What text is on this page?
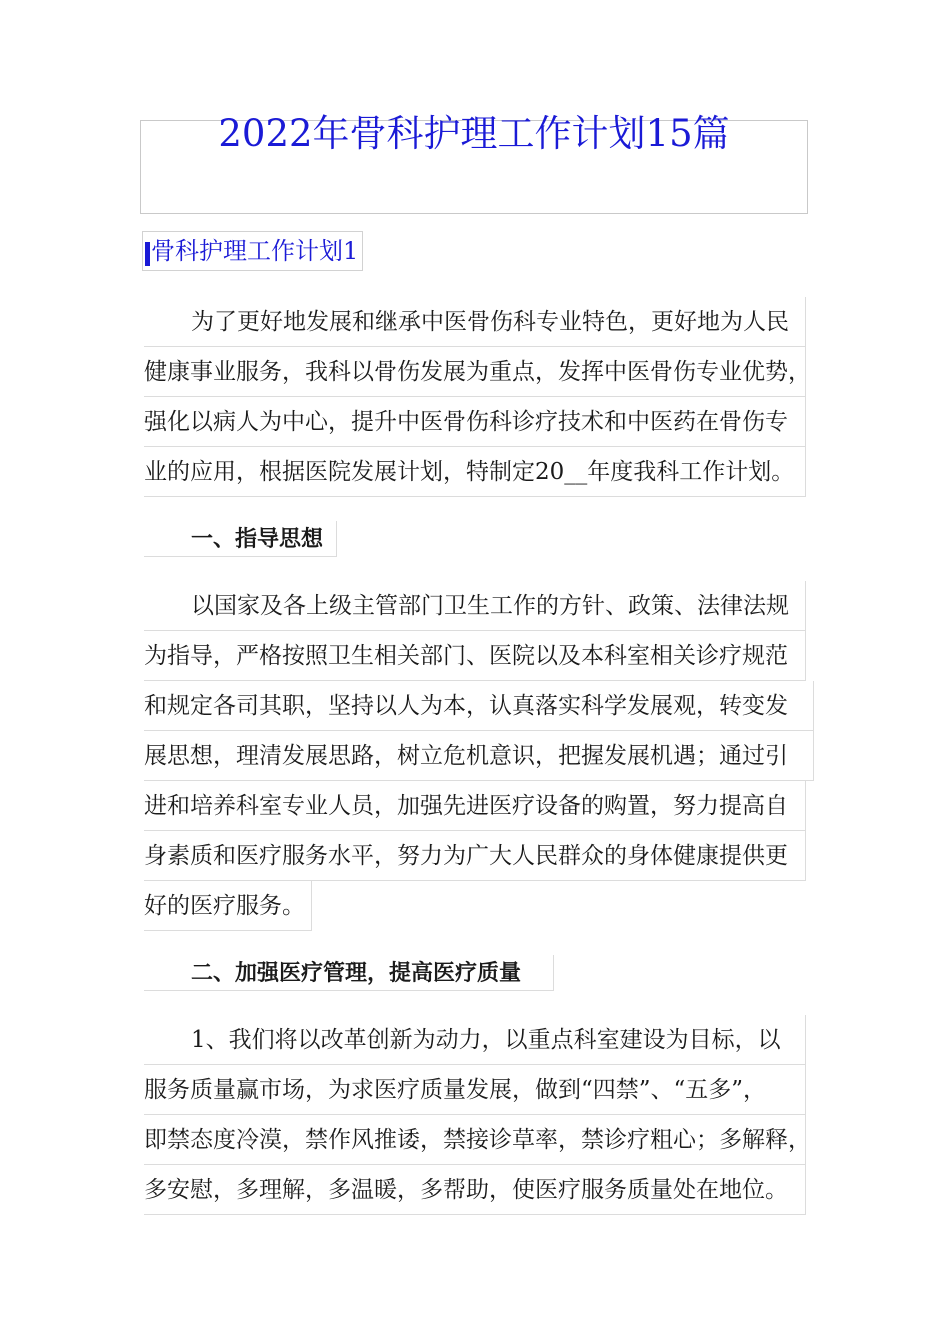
2022年骨科护理工作计划15篇
骨科护理工作计划1
为了更好地发展和继承中医骨伤科专业特色，更好地为人民
健康事业服务，我科以骨伤发展为重点，发挥中医骨伤专业优势，
强化以病人为中心，提升中医骨伤科诊疗技术和中医药在骨伤专
业的应用，根据医院发展计划，特制定20__年度我科工作计划。
一、指导思想
以国家及各上级主管部门卫生工作的方针、政策、法律法规
为指导，严格按照卫生相关部门、医院以及本科室相关诊疗规范
和规定各司其职，坚持以人为本，认真落实科学发展观，转变发
展思想，理清发展思路，树立危机意识，把握发展机遇；通过引
进和培养科室专业人员，加强先进医疗设备的购置，努力提高自
身素质和医疗服务水平，努力为广大人民群众的身体健康提供更
好的医疗服务。
二、加强医疗管理，提高医疗质量
1、我们将以改革创新为动力，以重点科室建设为目标，以
服务质量赢市场，为求医疗质量发展，做到“四禁”、“五多”，
即禁态度冷漠，禁作风推诿，禁接诊草率，禁诊疗粗心；多解释，
多安慰，多理解，多温暖，多帮助，使医疗服务质量处在地位。
